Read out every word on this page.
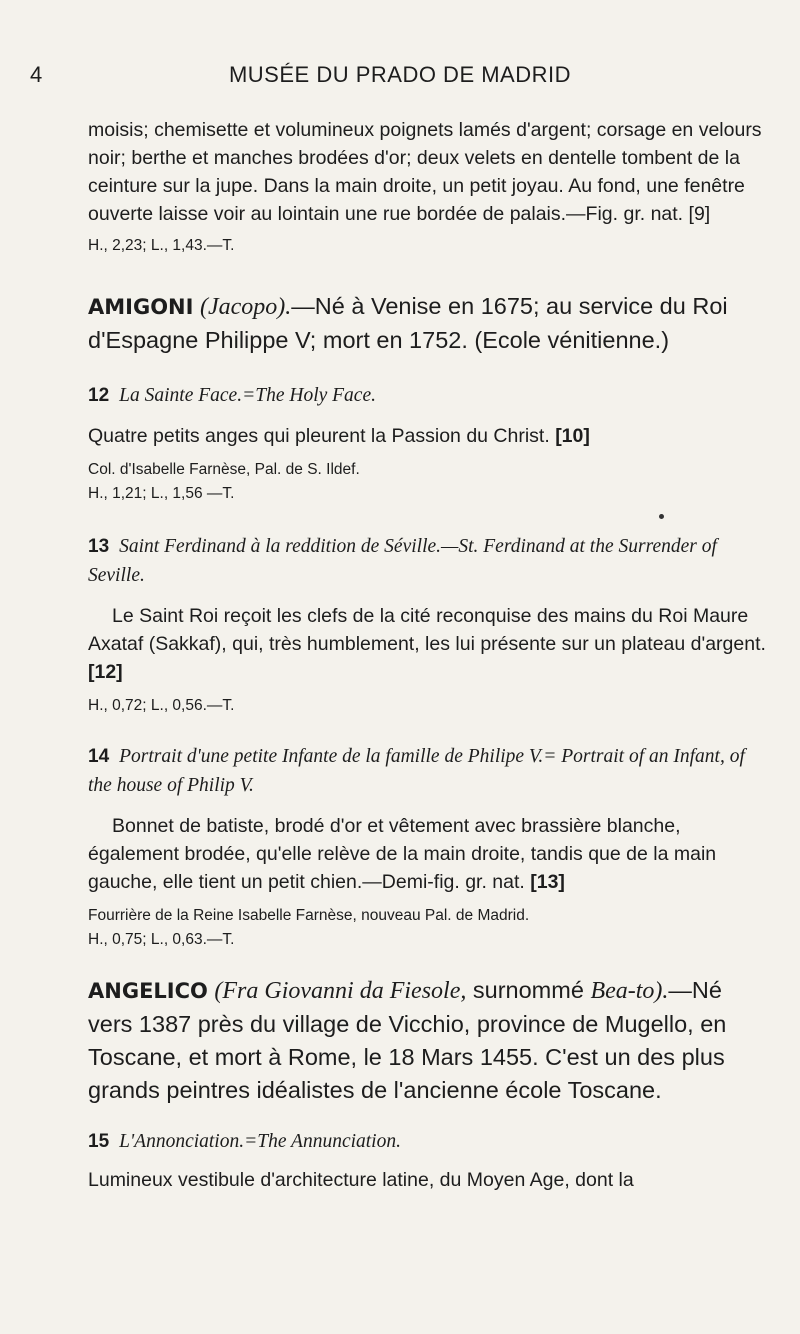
4	MUSÉE DU PRADO DE MADRID

moisis; chemisette et volumineux poignets lamés d'argent; corsage en velours noir; berthe et manches brodées d'or; deux velets en dentelle tombent de la ceinture sur la jupe. Dans la main droite, un petit joyau. Au fond, une fenêtre ouverte laisse voir au lointain une rue bordée de palais.—Fig. gr. nat. [9]

H., 2,23; L., 1,43.—T.

AMIGONI (Jacopo).—Né à Venise en 1675; au service du Roi d'Espagne Philippe V; mort en 1752. (Ecole vénitienne.)

12 La Sainte Face.=The Holy Face.

Quatre petits anges qui pleurent la Passion du Christ. [10]

Col. d'Isabelle Farnèse, Pal. de S. Ildef.

H., 1,21; L., 1,56 —T.

13 Saint Ferdinand à la reddition de Séville.—St. Ferdinand at the Surrender of Seville.

Le Saint Roi reçoit les clefs de la cité reconquise des mains du Roi Maure Axataf (Sakkaf), qui, très humblement, les lui présente sur un plateau d'argent. [12]

H., 0,72; L., 0,56.—T.

14 Portrait d'une petite Infante de la famille de Philipe V.= Portrait of an Infant, of the house of Philip V.

Bonnet de batiste, brodé d'or et vêtement avec brassière blanche, également brodée, qu'elle relève de la main droite, tandis que de la main gauche, elle tient un petit chien.—Demi-fig. gr. nat. [13]

Fourrière de la Reine Isabelle Farnèse, nouveau Pal. de Madrid.

H., 0,75; L., 0,63.—T.

ANGELICO (Fra Giovanni da Fiesole, surnommé Bea-to).—Né vers 1387 près du village de Vicchio, province de Mugello, en Toscane, et mort à Rome, le 18 Mars 1455. C'est un des plus grands peintres idéalistes de l'ancienne école Toscane.

15 L'Annonciation.=The Annunciation.

Lumineux vestibule d'architecture latine, du Moyen Age, dont la
